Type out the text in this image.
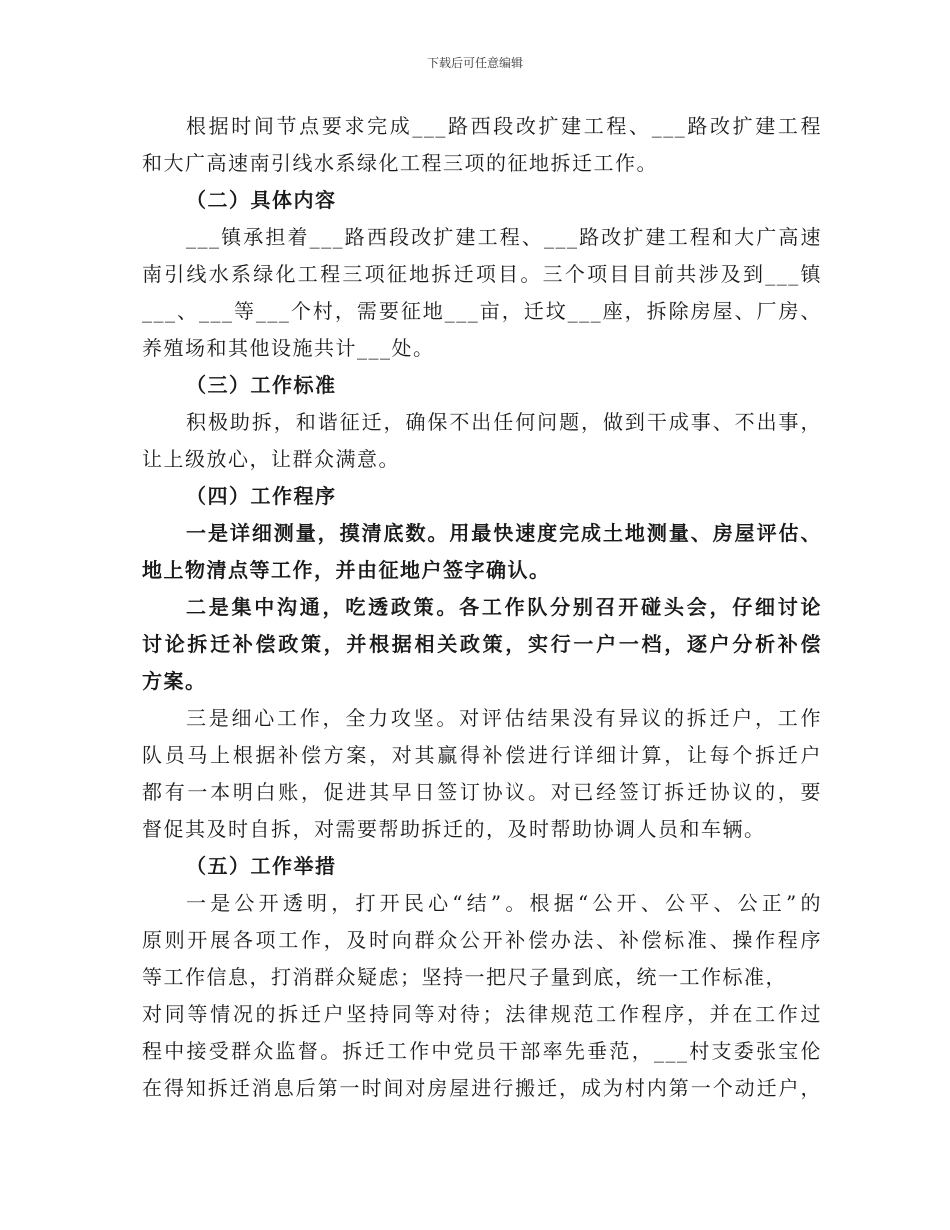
下载后可任意编辑
根据时间节点要求完成___路西段改扩建工程、___路改扩建工程
和大广高速南引线水系绿化工程三项的征地拆迁工作。
（二）具体内容
___镇承担着___路西段改扩建工程、___路改扩建工程和大广高速
南引线水系绿化工程三项征地拆迁项目。三个项目目前共涉及到___镇
___、___等___个村，需要征地___亩，迁坟___座，拆除房屋、厂房、
养殖场和其他设施共计___处。
（三）工作标准
积极助拆，和谐征迁，确保不出任何问题，做到干成事、不出事，
让上级放心，让群众满意。
（四）工作程序
一是详细测量，摸清底数。用最快速度完成土地测量、房屋评估、
地上物清点等工作，并由征地户签字确认。
二是集中沟通，吃透政策。各工作队分别召开碰头会，仔细讨论
讨论拆迁补偿政策，并根据相关政策，实行一户一档，逐户分析补偿
方案。
三是细心工作，全力攻坚。对评估结果没有异议的拆迁户，工作
队员马上根据补偿方案，对其赢得补偿进行详细计算，让每个拆迁户
都有一本明白账，促进其早日签订协议。对已经签订拆迁协议的，要
督促其及时自拆，对需要帮助拆迁的，及时帮助协调人员和车辆。
（五）工作举措
一是公开透明，打开民心“结”。根据“公开、公平、公正”的
原则开展各项工作，及时向群众公开补偿办法、补偿标准、操作程序
等工作信息，打消群众疑虑；坚持一把尺子量到底，统一工作标准，
对同等情况的拆迁户坚持同等对待；法律规范工作程序，并在工作过
程中接受群众监督。拆迁工作中党员干部率先垂范，___村支委张宝伦
在得知拆迁消息后第一时间对房屋进行搬迁，成为村内第一个动迁户，
